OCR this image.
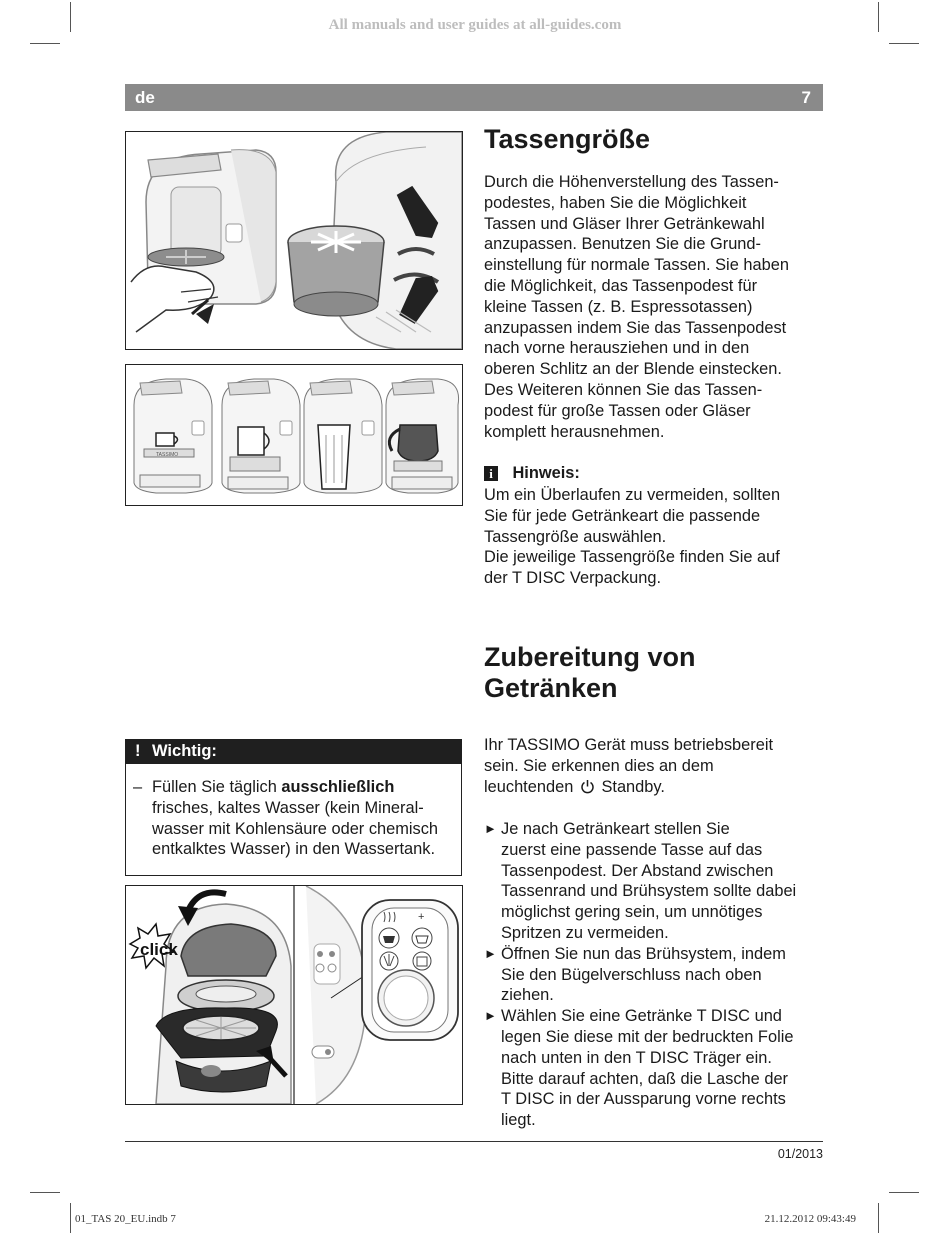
All manuals and user guides at all-guides.com
de	7
TASSIMO
Tassengröße
Durch die Höhenverstellung des Tassen-
podestes, haben Sie die Möglichkeit
Tassen und Gläser Ihrer Getränkewahl
anzupassen. Benutzen Sie die Grund-
einstellung für normale Tassen. Sie haben
die Möglichkeit, das Tassenpodest für
kleine Tassen (z. B. Espressotassen)
anzupassen indem Sie das Tassenpodest
nach vorne herausziehen und in den
oberen Schlitz an der Blende einstecken.
Des Weiteren können Sie das Tassen-
podest für große Tassen oder Gläser
komplett herausnehmen.
i Hinweis:
Um ein Überlaufen zu vermeiden, sollten
Sie für jede Getränkeart die passende
Tassengröße auswählen.
Die jeweilige Tassengröße finden Sie auf
der T DISC Verpackung.
Zubereitung von
Getränken
Ihr TASSIMO Gerät muss betriebsbereit
sein. Sie erkennen dies an dem
leuchtenden Standby.
► Je nach Getränkeart stellen Sie
zuerst eine passende Tasse auf das
Tassenpodest. Der Abstand zwischen
Tassenrand und Brühsystem sollte dabei
möglichst gering sein, um unnötiges
Spritzen zu vermeiden.
► Öffnen Sie nun das Brühsystem, indem
Sie den Bügelverschluss nach oben
ziehen.
► Wählen Sie eine Getränke T DISC und
legen Sie diese mit der bedruckten Folie
nach unten in den T DISC Träger ein.
Bitte darauf achten, daß die Lasche der
T DISC in der Aussparung vorne rechts
liegt.
! Wichtig:
– Füllen Sie täglich ausschließlich
frisches, kaltes Wasser (kein Mineral-
wasser mit Kohlensäure oder chemisch
entkalktes Wasser) in den Wassertank.
click
+
01/2013
01_TAS 20_EU.indb 7	21.12.2012 09:43:49
